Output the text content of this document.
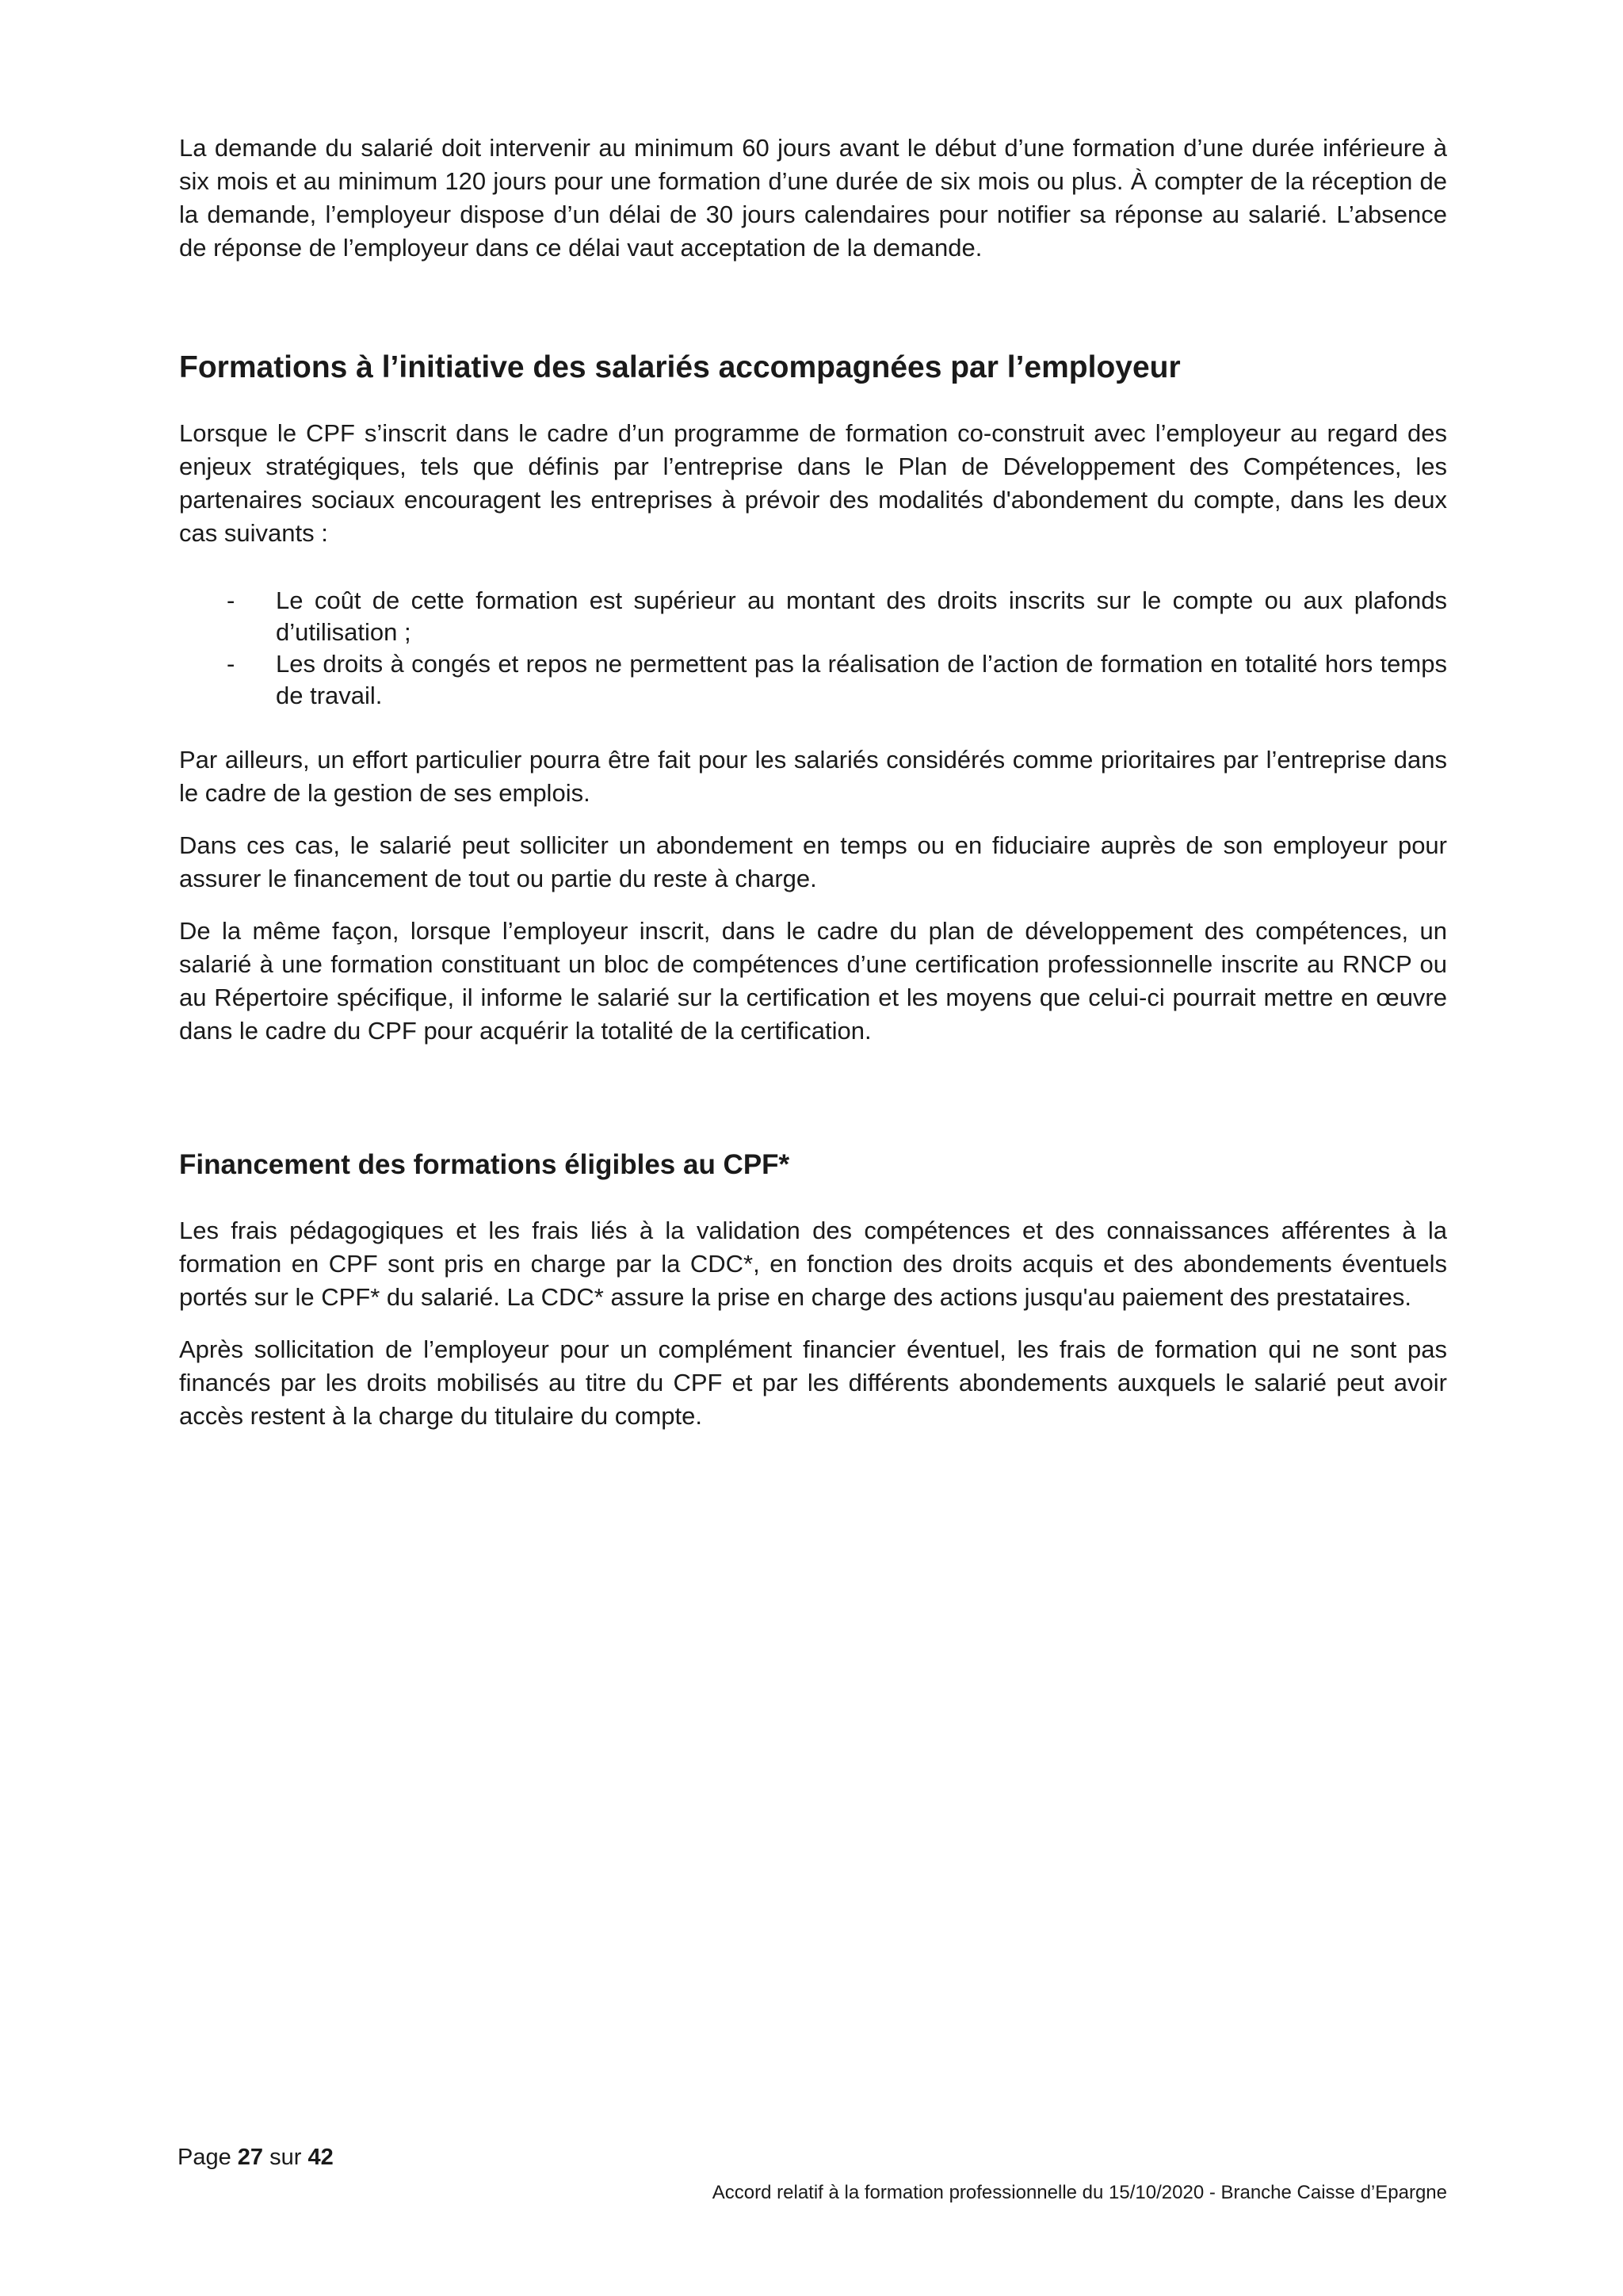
La demande du salarié doit intervenir au minimum 60 jours avant le début d’une formation d’une durée inférieure à six mois et au minimum 120 jours pour une formation d’une durée de six mois ou plus. À compter de la réception de la demande, l’employeur dispose d’un délai de 30 jours calendaires pour notifier sa réponse au salarié. L’absence de réponse de l’employeur dans ce délai vaut acceptation de la demande.

Formations à l’initiative des salariés accompagnées par l’employeur

Lorsque le CPF s’inscrit dans le cadre d’un programme de formation co-construit avec l’employeur au regard des enjeux stratégiques, tels que définis par l’entreprise dans le Plan de Développement des Compétences, les partenaires sociaux encouragent les entreprises à prévoir des modalités d'abondement du compte, dans les deux cas suivants :

- Le coût de cette formation est supérieur au montant des droits inscrits sur le compte ou aux plafonds d’utilisation ;
- Les droits à congés et repos ne permettent pas la réalisation de l’action de formation en totalité hors temps de travail.

Par ailleurs, un effort particulier pourra être fait pour les salariés considérés comme prioritaires par l’entreprise dans le cadre de la gestion de ses emplois.

Dans ces cas, le salarié peut solliciter un abondement en temps ou en fiduciaire auprès de son employeur pour assurer le financement de tout ou partie du reste à charge.

De la même façon, lorsque l’employeur inscrit, dans le cadre du plan de développement des compétences, un salarié à une formation constituant un bloc de compétences d’une certification professionnelle inscrite au RNCP ou au Répertoire spécifique, il informe le salarié sur la certification et les moyens que celui-ci pourrait mettre en œuvre dans le cadre du CPF pour acquérir la totalité de la certification.

Financement des formations éligibles au CPF*

Les frais pédagogiques et les frais liés à la validation des compétences et des connaissances afférentes à la formation en CPF sont pris en charge par la CDC*, en fonction des droits acquis et des abondements éventuels portés sur le CPF* du salarié. La CDC* assure la prise en charge des actions jusqu'au paiement des prestataires.

Après sollicitation de l’employeur pour un complément financier éventuel, les frais de formation qui ne sont pas financés par les droits mobilisés au titre du CPF et par les différents abondements auxquels le salarié peut avoir accès restent à la charge du titulaire du compte.

Page 27 sur 42
Accord relatif à la formation professionnelle du 15/10/2020 - Branche Caisse d’Epargne
